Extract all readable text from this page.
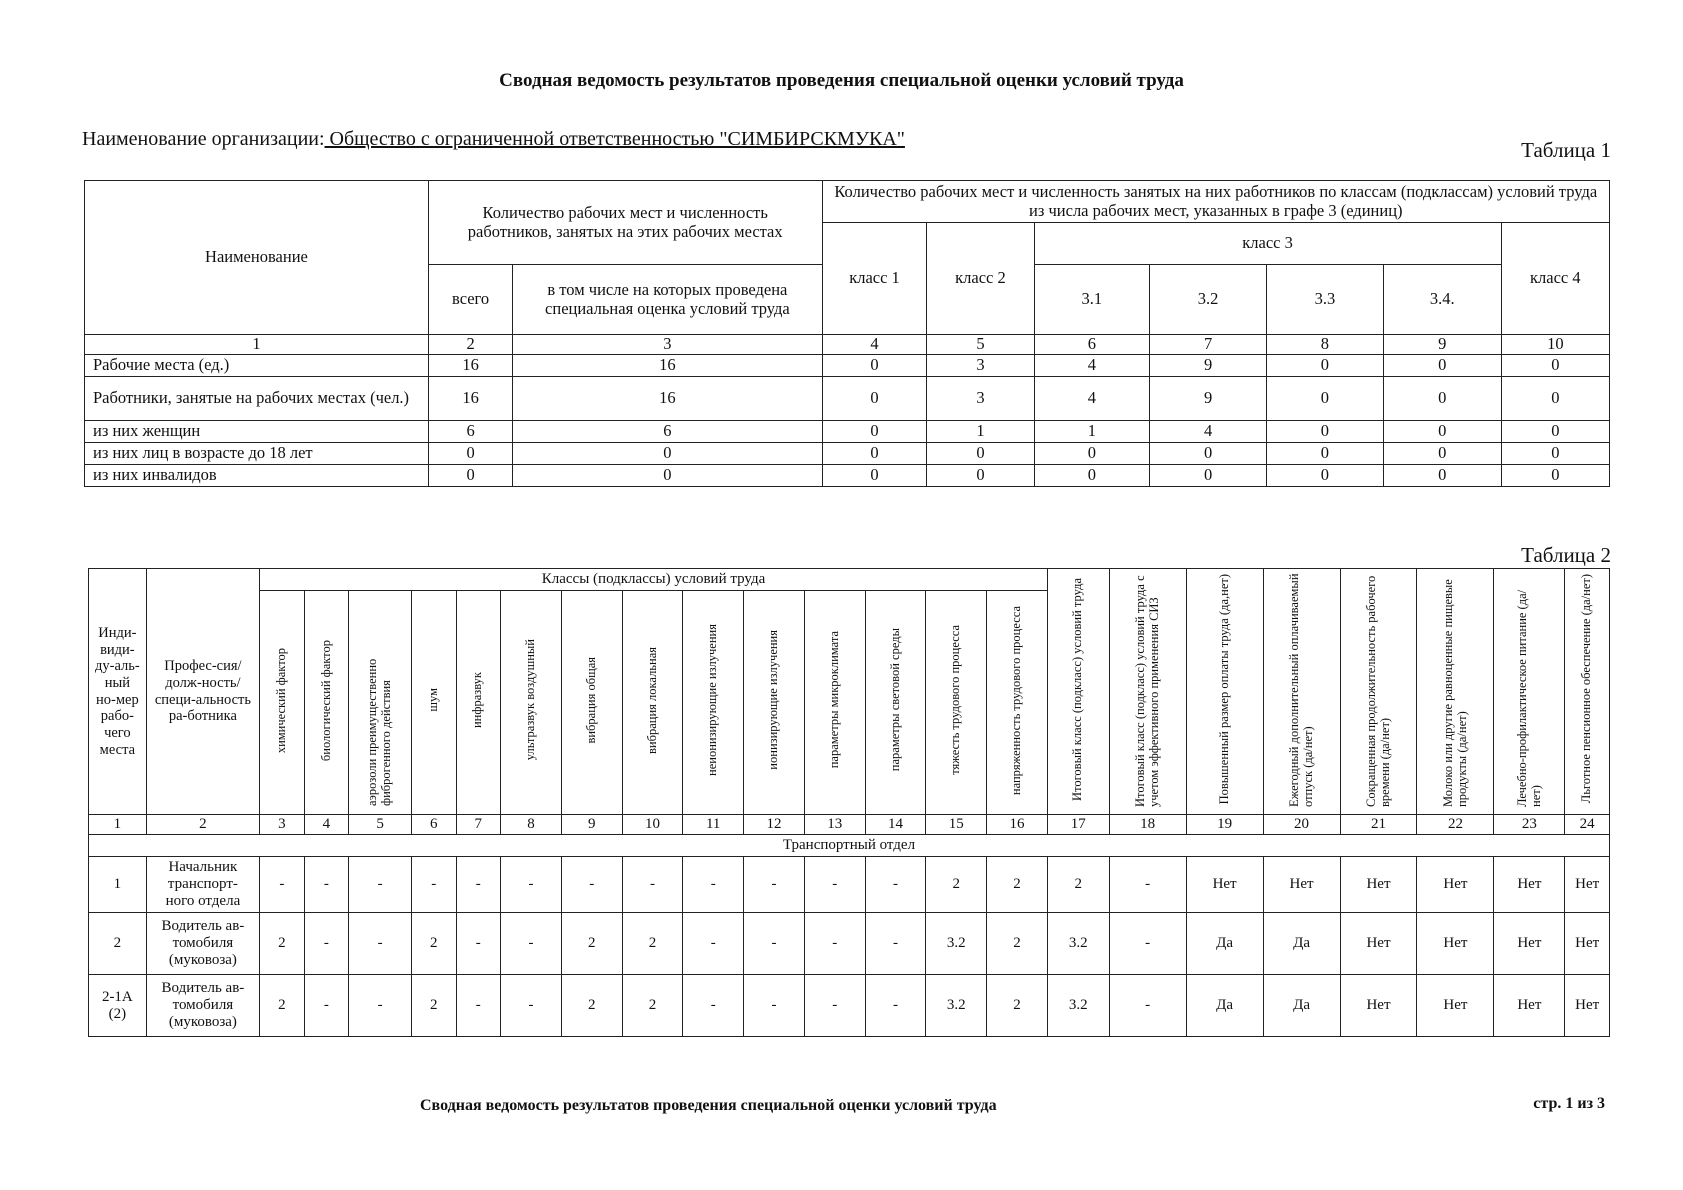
Сводная ведомость результатов проведения специальной оценки условий труда
Наименование организации: Общество с ограниченной ответственностью "СИМБИРСКМУКА"	Таблица 1
Наименование	Количество рабочих мест и численность работников, занятых на этих рабочих местах		Количество рабочих мест и численность занятых на них работников по классам (подклассам) условий труда из числа рабочих мест, указанных в графе 3 (единиц)						
			класс 1	класс 2	класс 3				класс 4
	всего	в том числе на которых проведена специальная оценка условий труда			3.1	3.2	3.3	3.4.	
1	2	3	4	5	6	7	8	9	10
Рабочие места (ед.)	16	16	0	3	4	9	0	0	0
Работники, занятые на рабочих местах (чел.)	16	16	0	3	4	9	0	0	0
из них женщин	6	6	0	1	1	4	0	0	0
из них лиц в возрасте до 18 лет	0	0	0	0	0	0	0	0	0
из них инвалидов	0	0	0	0	0	0	0	0	0
Таблица 2
Инди-види-ду-аль-ный но-мер рабо-чего места	Профес-сия/долж-ность/специ-альность ра-ботника	Классы (подклассы) условий труда														Итоговый класс (подкласс) условий труда	Итоговый класс (подкласс) условий труда с учетом эффективного применения СИЗ	Повышенный размер оплаты труда (да,нет)	Ежегодный дополнительный оплачиваемый отпуск (да/нет)	Сокращенная продолжительность рабочего времени (да/нет)	Молоко или другие равноценные пищевые продукты (да/нет)	Лечебно-профилактическое питание (да/нет)	Льготное пенсионное обеспечение (да/нет)
		химический фактор	биологический фактор	аэрозоли преимущественно фиброгенного действия	шум	инфразвук	ультразвук воздушный	вибрация общая	вибрация локальная	неионизирующие излучения	ионизирующие излучения	параметры микроклимата	параметры световой среды	тяжесть трудового процесса	напряженность трудового процесса								
1	2	3	4	5	6	7	8	9	10	11	12	13	14	15	16	17	18	19	20	21	22	23	24
Транспортный отдел																							
1	Начальник транспорт-ного отдела	-	-	-	-	-	-	-	-	-	-	-	-	2	2	2	-	Нет	Нет	Нет	Нет	Нет	Нет
2	Водитель ав-томобиля (муковоза)	2	-	-	2	-	-	2	2	-	-	-	-	3.2	2	3.2	-	Да	Да	Нет	Нет	Нет	Нет
2-1А (2)	Водитель ав-томобиля (муковоза)	2	-	-	2	-	-	2	2	-	-	-	-	3.2	2	3.2	-	Да	Да	Нет	Нет	Нет	Нет
Сводная ведомость результатов проведения специальной оценки условий труда	стр. 1 из 3
